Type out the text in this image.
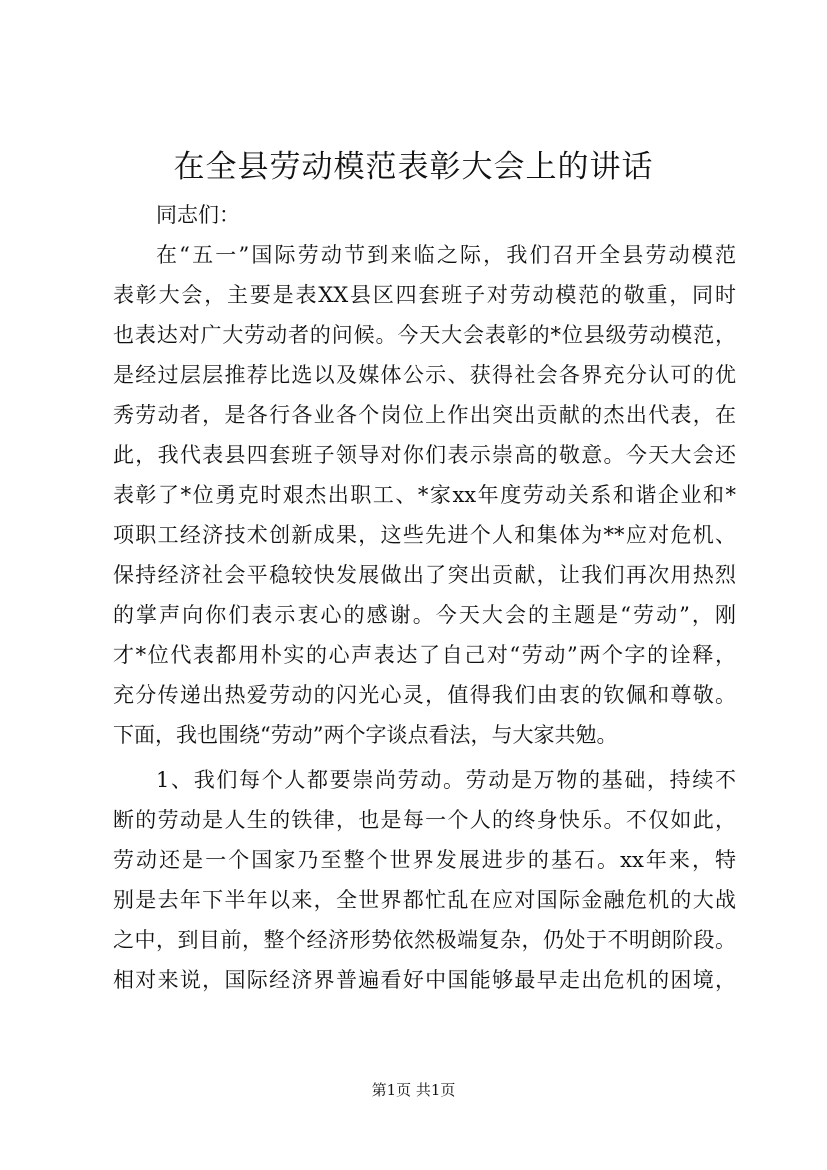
在全县劳动模范表彰大会上的讲话
同志们：
在“五一”国际劳动节到来临之际，我们召开全县劳动模范
表彰大会，主要是表XX县区四套班子对劳动模范的敬重，同时
也表达对广大劳动者的问候。今天大会表彰的*位县级劳动模范，
是经过层层推荐比选以及媒体公示、获得社会各界充分认可的优
秀劳动者，是各行各业各个岗位上作出突出贡献的杰出代表，在
此，我代表县四套班子领导对你们表示崇高的敬意。今天大会还
表彰了*位勇克时艰杰出职工、*家xx年度劳动关系和谐企业和*
项职工经济技术创新成果，这些先进个人和集体为**应对危机、
保持经济社会平稳较快发展做出了突出贡献，让我们再次用热烈
的掌声向你们表示衷心的感谢。今天大会的主题是“劳动”，刚
才*位代表都用朴实的心声表达了自己对“劳动”两个字的诠释，
充分传递出热爱劳动的闪光心灵，值得我们由衷的钦佩和尊敬。
下面，我也围绕“劳动”两个字谈点看法，与大家共勉。
1、我们每个人都要崇尚劳动。劳动是万物的基础，持续不
断的劳动是人生的铁律，也是每一个人的终身快乐。不仅如此，
劳动还是一个国家乃至整个世界发展进步的基石。xx年来，特
别是去年下半年以来，全世界都忙乱在应对国际金融危机的大战
之中，到目前，整个经济形势依然极端复杂，仍处于不明朗阶段。
相对来说，国际经济界普遍看好中国能够最早走出危机的困境，
第1页 共1页
